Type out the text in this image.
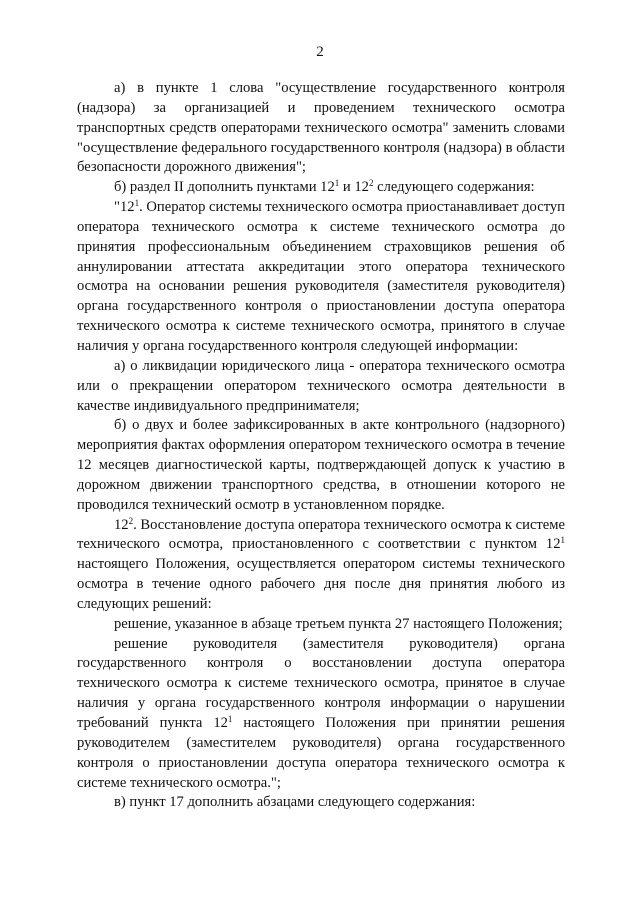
2

а) в пункте 1 слова "осуществление государственного контроля (надзора) за организацией и проведением технического осмотра транспортных средств операторами технического осмотра" заменить словами "осуществление федерального государственного контроля (надзора) в области безопасности дорожного движения";

б) раздел II дополнить пунктами $12^1$ и $12^2$ следующего содержания:

"$12^1$. Оператор системы технического осмотра приостанавливает доступ оператора технического осмотра к системе технического осмотра до принятия профессиональным объединением страховщиков решения об аннулировании аттестата аккредитации этого оператора технического осмотра на основании решения руководителя (заместителя руководителя) органа государственного контроля о приостановлении доступа оператора технического осмотра к системе технического осмотра, принятого в случае наличия у органа государственного контроля следующей информации:

а) о ликвидации юридического лица - оператора технического осмотра или о прекращении оператором технического осмотра деятельности в качестве индивидуального предпринимателя;

б) о двух и более зафиксированных в акте контрольного (надзорного) мероприятия фактах оформления оператором технического осмотра в течение 12 месяцев диагностической карты, подтверждающей допуск к участию в дорожном движении транспортного средства, в отношении которого не проводился технический осмотр в установленном порядке.

$12^2$. Восстановление доступа оператора технического осмотра к системе технического осмотра, приостановленного с соответствии с пунктом $12^1$ настоящего Положения, осуществляется оператором системы технического осмотра в течение одного рабочего дня после дня принятия любого из следующих решений:

решение, указанное в абзаце третьем пункта 27 настоящего Положения;

решение руководителя (заместителя руководителя) органа государственного контроля о восстановлении доступа оператора технического осмотра к системе технического осмотра, принятое в случае наличия у органа государственного контроля информации о нарушении требований пункта $12^1$ настоящего Положения при принятии решения руководителем (заместителем руководителя) органа государственного контроля о приостановлении доступа оператора технического осмотра к системе технического осмотра.";

в) пункт 17 дополнить абзацами следующего содержания:
